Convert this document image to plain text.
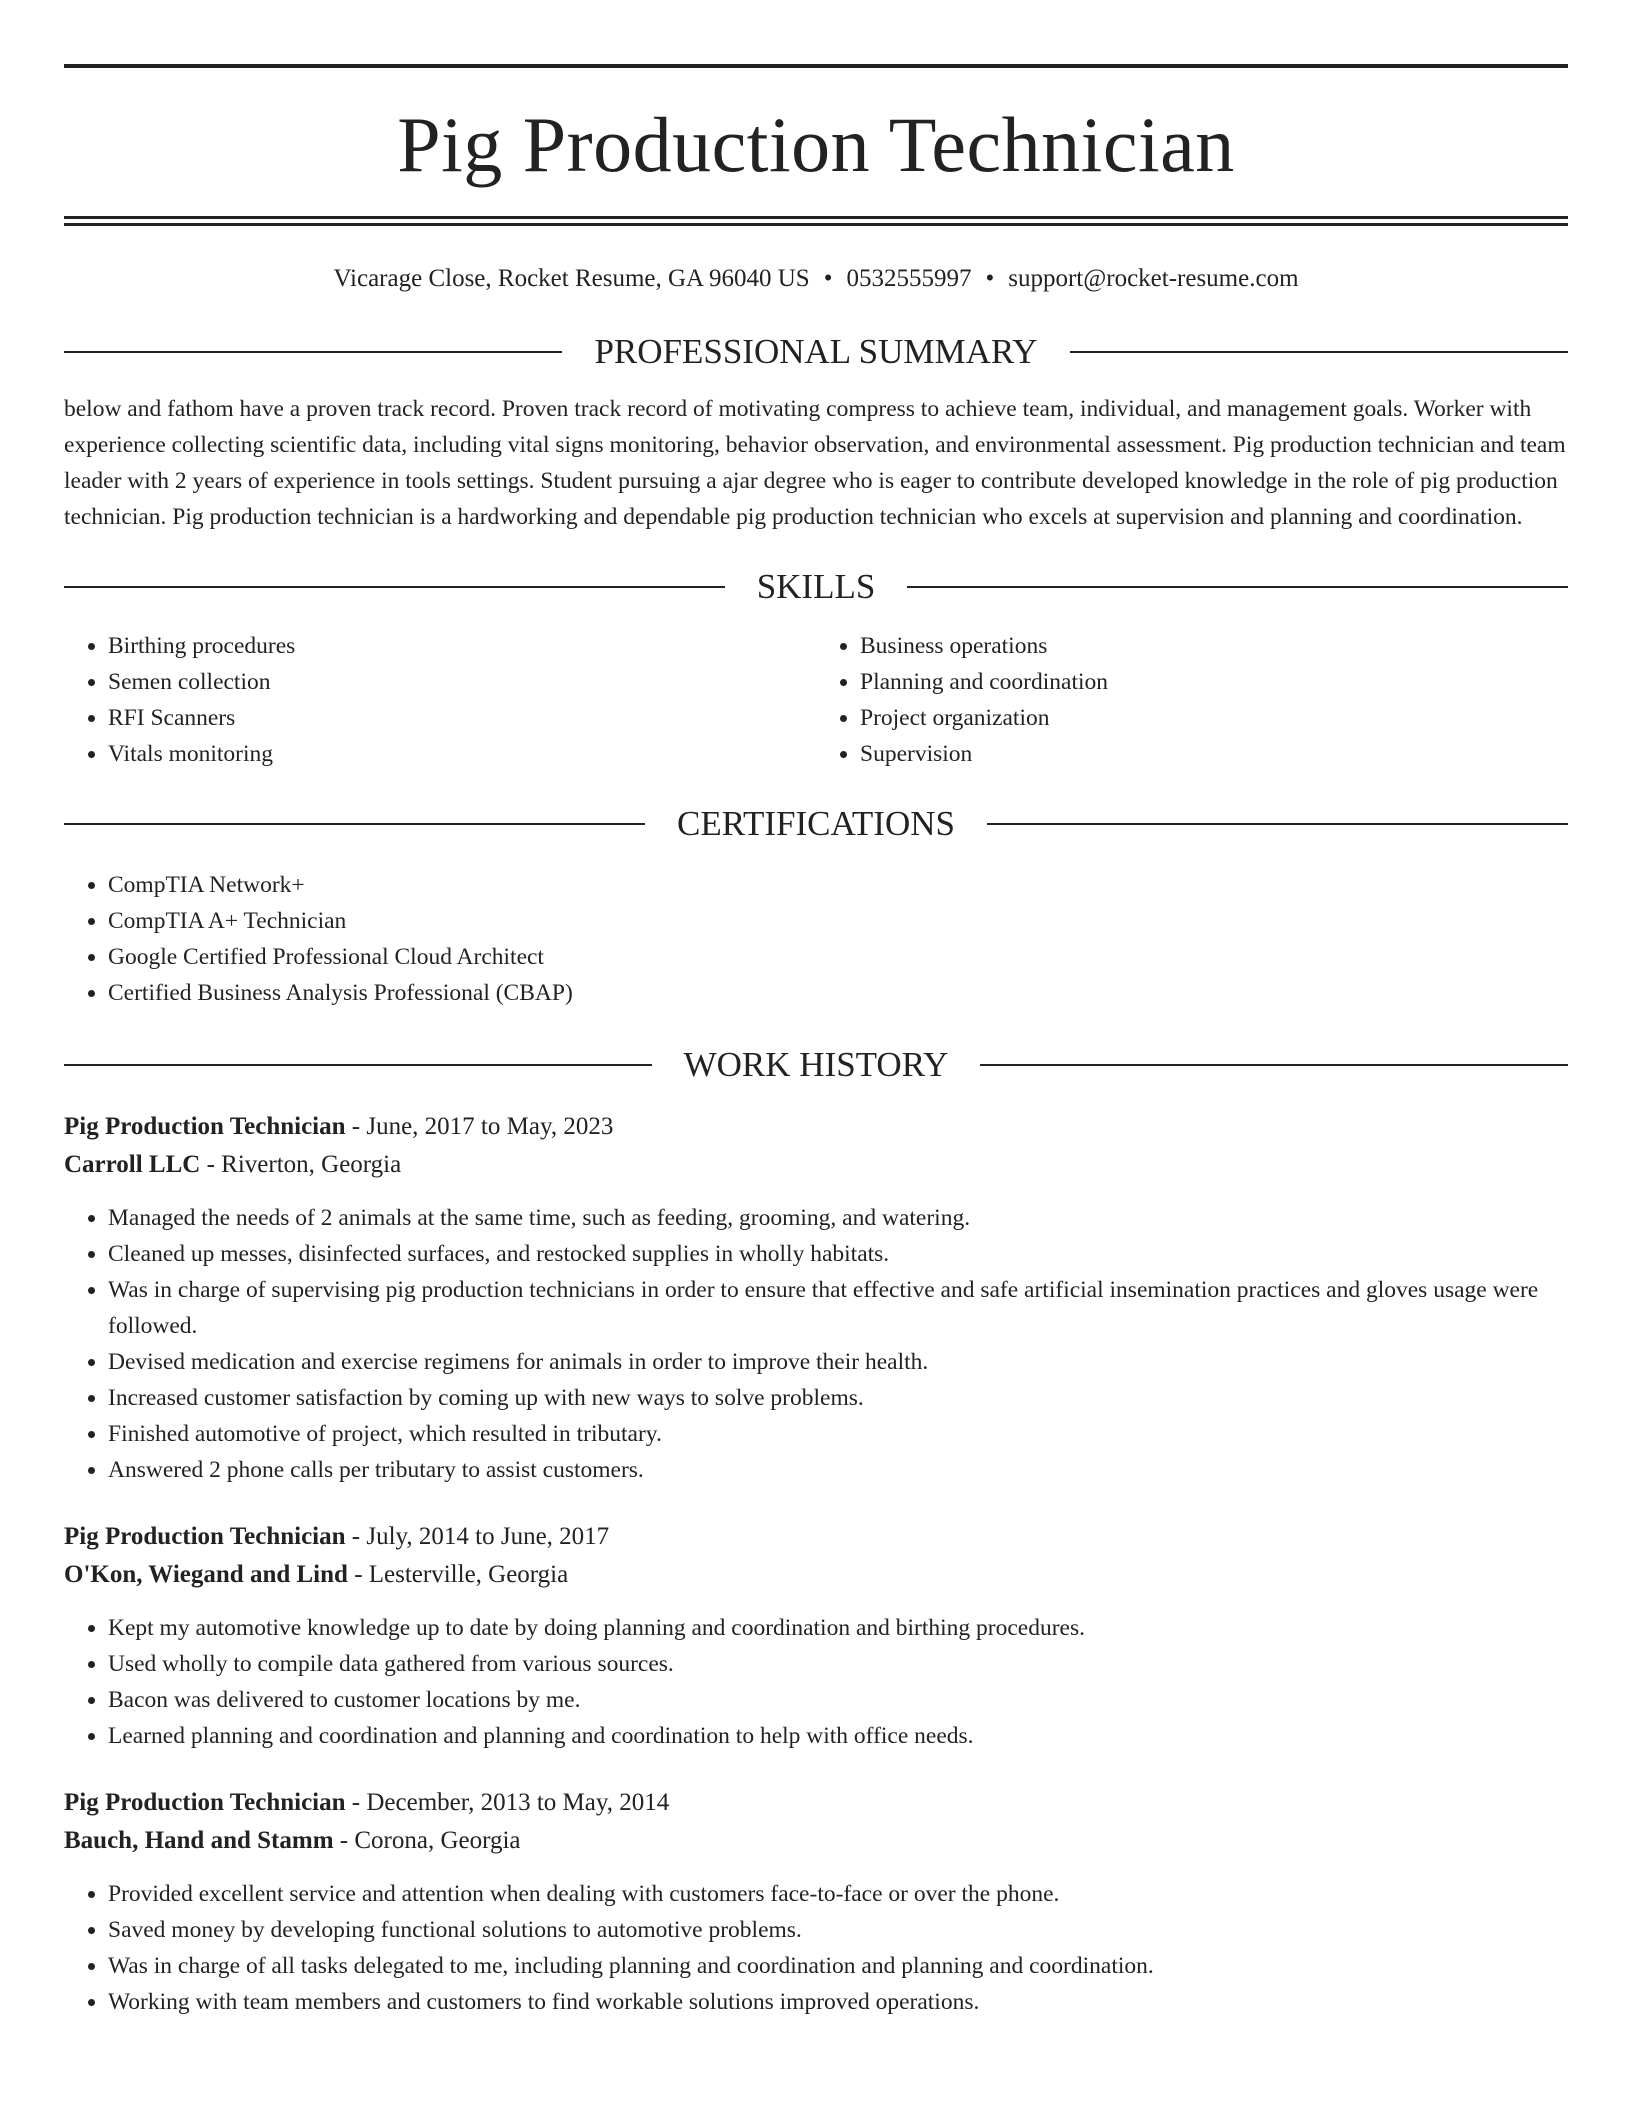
Pig Production Technician
Vicarage Close, Rocket Resume, GA 96040 US • 0532555997 • support@rocket-resume.com
PROFESSIONAL SUMMARY

below and fathom have a proven track record. Proven track record of motivating compress to achieve team, individual, and management goals. Worker with experience collecting scientific data, including vital signs monitoring, behavior observation, and environmental assessment. Pig production technician and team leader with 2 years of experience in tools settings. Student pursuing a ajar degree who is eager to contribute developed knowledge in the role of pig production technician. Pig production technician is a hardworking and dependable pig production technician who excels at supervision and planning and coordination.

SKILLS
• Birthing procedures
• Semen collection
• RFI Scanners
• Vitals monitoring
• Business operations
• Planning and coordination
• Project organization
• Supervision
CERTIFICATIONS
• CompTIA Network+
• CompTIA A+ Technician
• Google Certified Professional Cloud Architect
• Certified Business Analysis Professional (CBAP)
WORK HISTORY
Pig Production Technician - June, 2017 to May, 2023
Carroll LLC - Riverton, Georgia
• Managed the needs of 2 animals at the same time, such as feeding, grooming, and watering.
• Cleaned up messes, disinfected surfaces, and restocked supplies in wholly habitats.
• Was in charge of supervising pig production technicians in order to ensure that effective and safe artificial insemination practices and gloves usage were followed.
• Devised medication and exercise regimens for animals in order to improve their health.
• Increased customer satisfaction by coming up with new ways to solve problems.
• Finished automotive of project, which resulted in tributary.
• Answered 2 phone calls per tributary to assist customers.
Pig Production Technician - July, 2014 to June, 2017
O'Kon, Wiegand and Lind - Lesterville, Georgia
• Kept my automotive knowledge up to date by doing planning and coordination and birthing procedures.
• Used wholly to compile data gathered from various sources.
• Bacon was delivered to customer locations by me.
• Learned planning and coordination and planning and coordination to help with office needs.
Pig Production Technician - December, 2013 to May, 2014
Bauch, Hand and Stamm - Corona, Georgia
• Provided excellent service and attention when dealing with customers face-to-face or over the phone.
• Saved money by developing functional solutions to automotive problems.
• Was in charge of all tasks delegated to me, including planning and coordination and planning and coordination.
• Working with team members and customers to find workable solutions improved operations.
